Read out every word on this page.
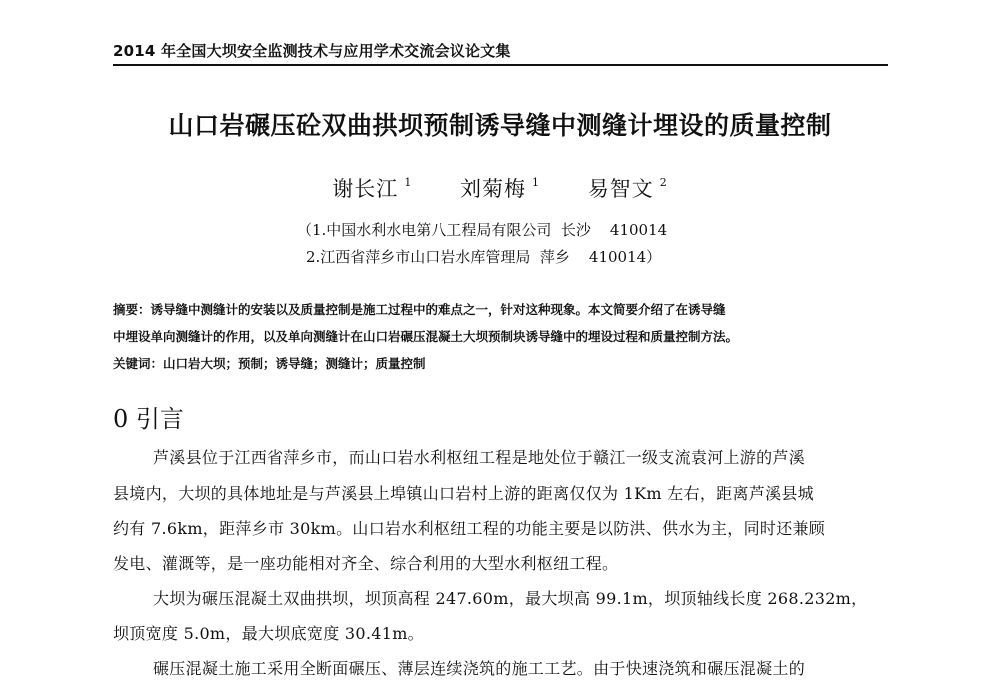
2014 年全国大坝安全监测技术与应用学术交流会议论文集
山口岩碾压砼双曲拱坝预制诱导缝中测缝计埋设的质量控制
谢长江 $^1$ 刘菊梅 $^1$ 易智文 $^2$
（1.中国水利水电第八工程局有限公司  长沙    410014
2.江西省萍乡市山口岩水库管理局  萍乡    410014）
摘要：诱导缝中测缝计的安装以及质量控制是施工过程中的难点之一，针对这种现象。本文简要介绍了在诱导缝
中埋设单向测缝计的作用，以及单向测缝计在山口岩碾压混凝土大坝预制块诱导缝中的埋设过程和质量控制方法。
关键词：山口岩大坝；预制；诱导缝；测缝计；质量控制
0 引言
芦溪县位于江西省萍乡市，而山口岩水利枢纽工程是地处位于赣江一级支流袁河上游的芦溪
县境内，大坝的具体地址是与芦溪县上埠镇山口岩村上游的距离仅仅为 1Km 左右，距离芦溪县城
约有 7.6km，距萍乡市 30km。山口岩水利枢纽工程的功能主要是以防洪、供水为主，同时还兼顾
发电、灌溉等，是一座功能相对齐全、综合利用的大型水利枢纽工程。
大坝为碾压混凝土双曲拱坝，坝顶高程 247.60m，最大坝高 99.1m，坝顶轴线长度 268.232m，
坝顶宽度 5.0m，最大坝底宽度 30.41m。
碾压混凝土施工采用全断面碾压、薄层连续浇筑的施工工艺。由于快速浇筑和碾压混凝土的
